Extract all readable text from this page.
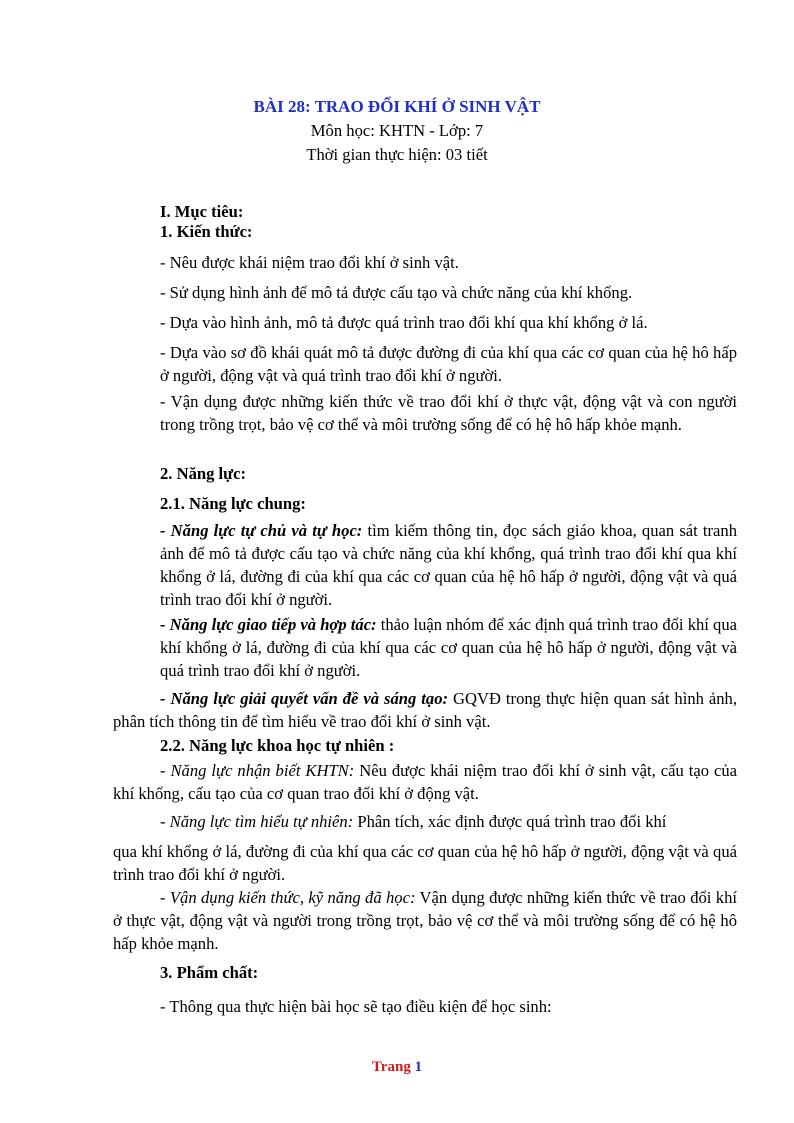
BÀI 28: TRAO ĐỔI KHÍ Ở SINH VẬT
Môn học: KHTN - Lớp: 7
Thời gian thực hiện: 03 tiết
I. Mục tiêu:
1. Kiến thức:
- Nêu được khái niệm trao đổi khí ở sinh vật.
- Sử dụng hình ảnh để mô tả được cấu tạo và chức năng của khí khổng.
- Dựa vào hình ảnh, mô tả được quá trình trao đổi khí qua khí khổng ở lá.
- Dựa vào sơ đồ khái quát mô tả được đường đi của khí qua các cơ quan của hệ hô hấp ở người, động vật và quá trình trao đổi khí ở người.
- Vận dụng được những kiến thức về trao đổi khí ở thực vật, động vật và con người trong trồng trọt, bảo vệ cơ thể và môi trường sống để có hệ hô hấp khỏe mạnh.
2. Năng lực:
2.1. Năng lực chung:
- Năng lực tự chủ và tự học: tìm kiếm thông tin, đọc sách giáo khoa, quan sát tranh ảnh để mô tả được cấu tạo và chức năng của khí khổng, quá trình trao đổi khí qua khí khổng ở lá, đường đi của khí qua các cơ quan của hệ hô hấp ở người, động vật và quá trình trao đổi khí ở người.
- Năng lực giao tiếp và hợp tác: thảo luận nhóm để xác định quá trình trao đổi khí qua khí khổng ở lá, đường đi của khí qua các cơ quan của hệ hô hấp ở người, động vật và quá trình trao đổi khí ở người.
- Năng lực giải quyết vấn đề và sáng tạo: GQVĐ trong thực hiện quan sát hình ảnh, phân tích thông tin để tìm hiểu về trao đổi khí ở sinh vật.
2.2. Năng lực khoa học tự nhiên :
- Năng lực nhận biết KHTN: Nêu được khái niệm trao đổi khí ở sinh vật, cấu tạo của khí khổng, cấu tạo của cơ quan trao đổi khí ở động vật.
- Năng lực tìm hiểu tự nhiên: Phân tích, xác định được quá trình trao đổi khí
qua khí khổng ở lá, đường đi của khí qua các cơ quan của hệ hô hấp ở người, động vật và quá trình trao đổi khí ở người.
- Vận dụng kiến thức, kỹ năng đã học: Vận dụng được những kiến thức về trao đổi khí ở thực vật, động vật và người trong trồng trọt, bảo vệ cơ thể và môi trường sống để có hệ hô hấp khỏe mạnh.
3. Phẩm chất:
- Thông qua thực hiện bài học sẽ tạo điều kiện để học sinh:
Trang 1
